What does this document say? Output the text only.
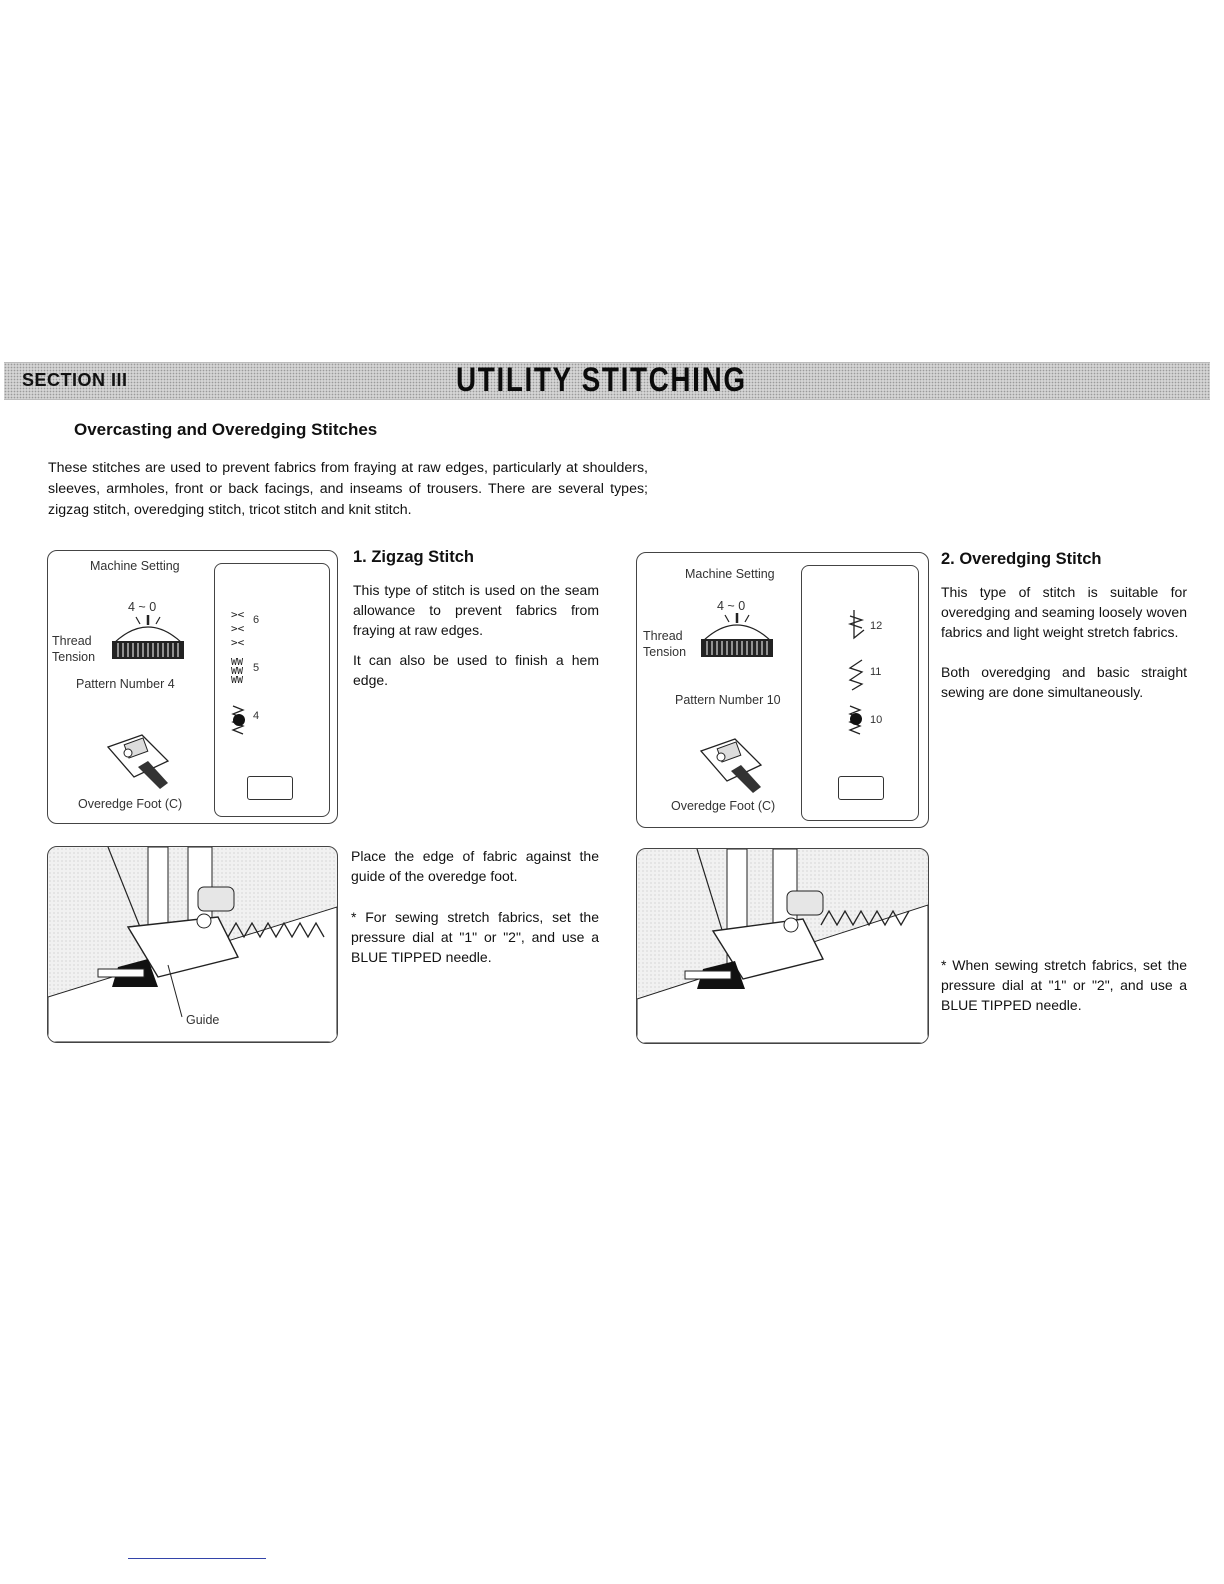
SECTION III	UTILITY STITCHING
Overcasting and Overedging Stitches
These stitches are used to prevent fabrics from fraying at raw edges, particularly at shoulders, sleeves, armholes, front or back facings, and inseams of trousers. There are several types; zigzag stitch, overedging stitch, tricot stitch and knit stitch.
Machine Setting
4 ~ 0
Thread
Tension
Pattern Number 4
Overedge Foot (C)
><
><
><
6
WW
WW
WW
5
4
1. Zigzag Stitch
This type of stitch is used on the seam allowance to prevent fabrics from fraying at raw edges.
It can also be used to finish a hem edge.
Guide
Place the edge of fabric against the guide of the overedge foot.
* For sewing stretch fabrics, set the pressure dial at "1" or "2", and use a BLUE TIPPED needle.
Machine Setting
4 ~ 0
Thread
Tension
Pattern Number 10
Overedge Foot (C)
12
11
10
2. Overedging Stitch
This type of stitch is suitable for overedging and seaming loosely woven fabrics and light weight stretch fabrics.
Both overedging and basic straight sewing are done simultaneously.
* When sewing stretch fabrics, set the pressure dial at "1" or "2", and use a BLUE TIPPED needle.
